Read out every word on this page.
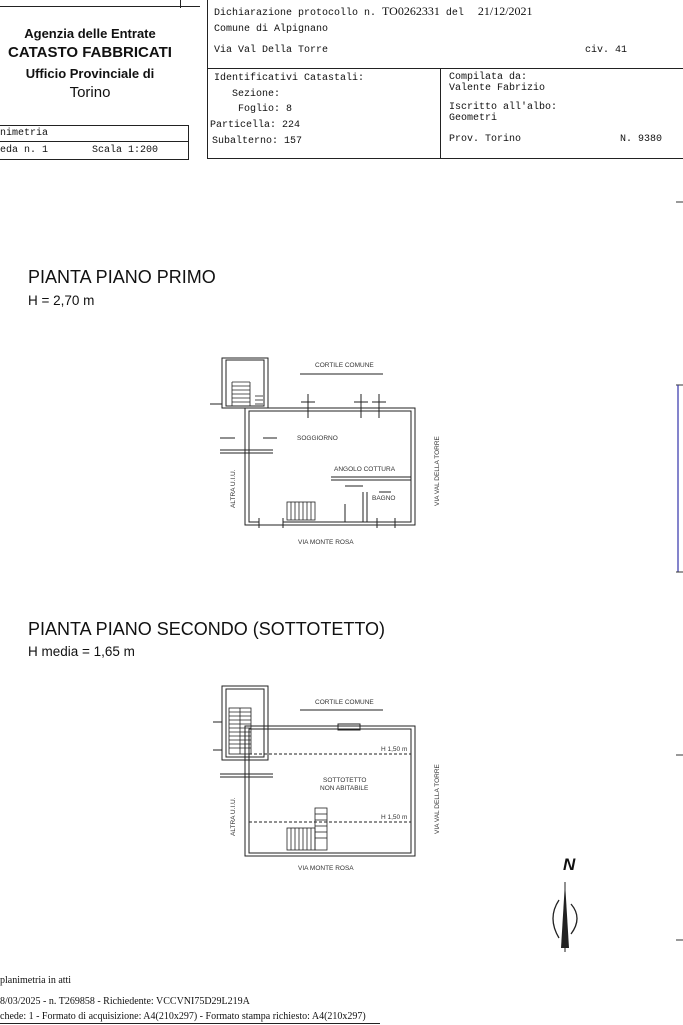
Agenzia delle Entrate
CATASTO FABBRICATI
Ufficio Provinciale di
Torino
Dichiarazione protocollo n. TO0262331 del 21/12/2021
Comune di Alpignano
Via Val Della Torre	civ. 41
Identificativi Catastali:
Sezione:
Foglio: 8
Particella: 224
Subalterno: 157
Compilata da:
Valente Fabrizio
Iscritto all'albo:
Geometri
Prov. Torino	N. 9380
nimetria
eda n. 1	Scala 1:200
PIANTA PIANO PRIMO
H = 2,70 m
CORTILE COMUNE
SOGGIORNO
ANGOLO COTTURA
BAGNO
VIA MONTE ROSA
VIA VAL DELLA TORRE
ALTRA U.I.U.
PIANTA PIANO SECONDO (SOTTOTETTO)
H media = 1,65 m
CORTILE COMUNE
SOTTOTETTO
NON ABITABILE
H 1,50 m
H 1,50 m
VIA MONTE ROSA
VIA VAL DELLA TORRE
ALTRA U.I.U.
N
planimetria in atti
8/03/2025 - n. T269858 - Richiedente: VCCVNI75D29L219A
chede: 1 - Formato di acquisizione: A4(210x297) - Formato stampa richiesto: A4(210x297)
